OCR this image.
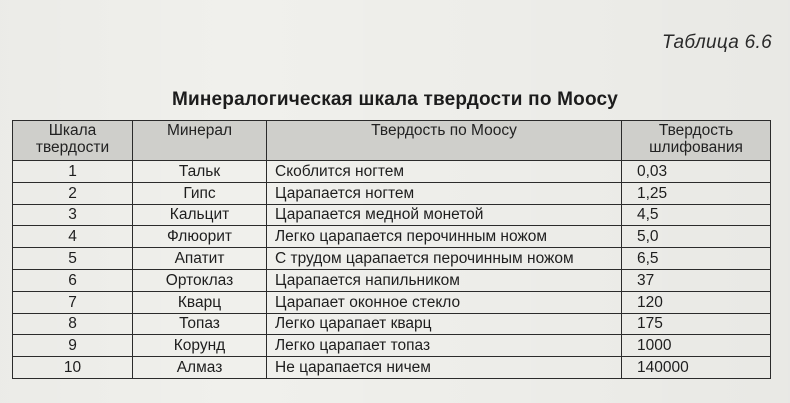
Таблица 6.6
Минералогическая шкала твердости по Моосу
Шкала твердости	Минерал	Твердость по Моосу	Твердость шлифования
1	Тальк	Скоблится ногтем	0,03
2	Гипс	Царапается ногтем	1,25
3	Кальцит	Царапается медной монетой	4,5
4	Флюорит	Легко царапается перочинным ножом	5,0
5	Апатит	С трудом царапается перочинным ножом	6,5
6	Ортоклаз	Царапается напильником	37
7	Кварц	Царапает оконное стекло	120
8	Топаз	Легко царапает кварц	175
9	Корунд	Легко царапает топаз	1000
10	Алмаз	Не царапается ничем	140000
